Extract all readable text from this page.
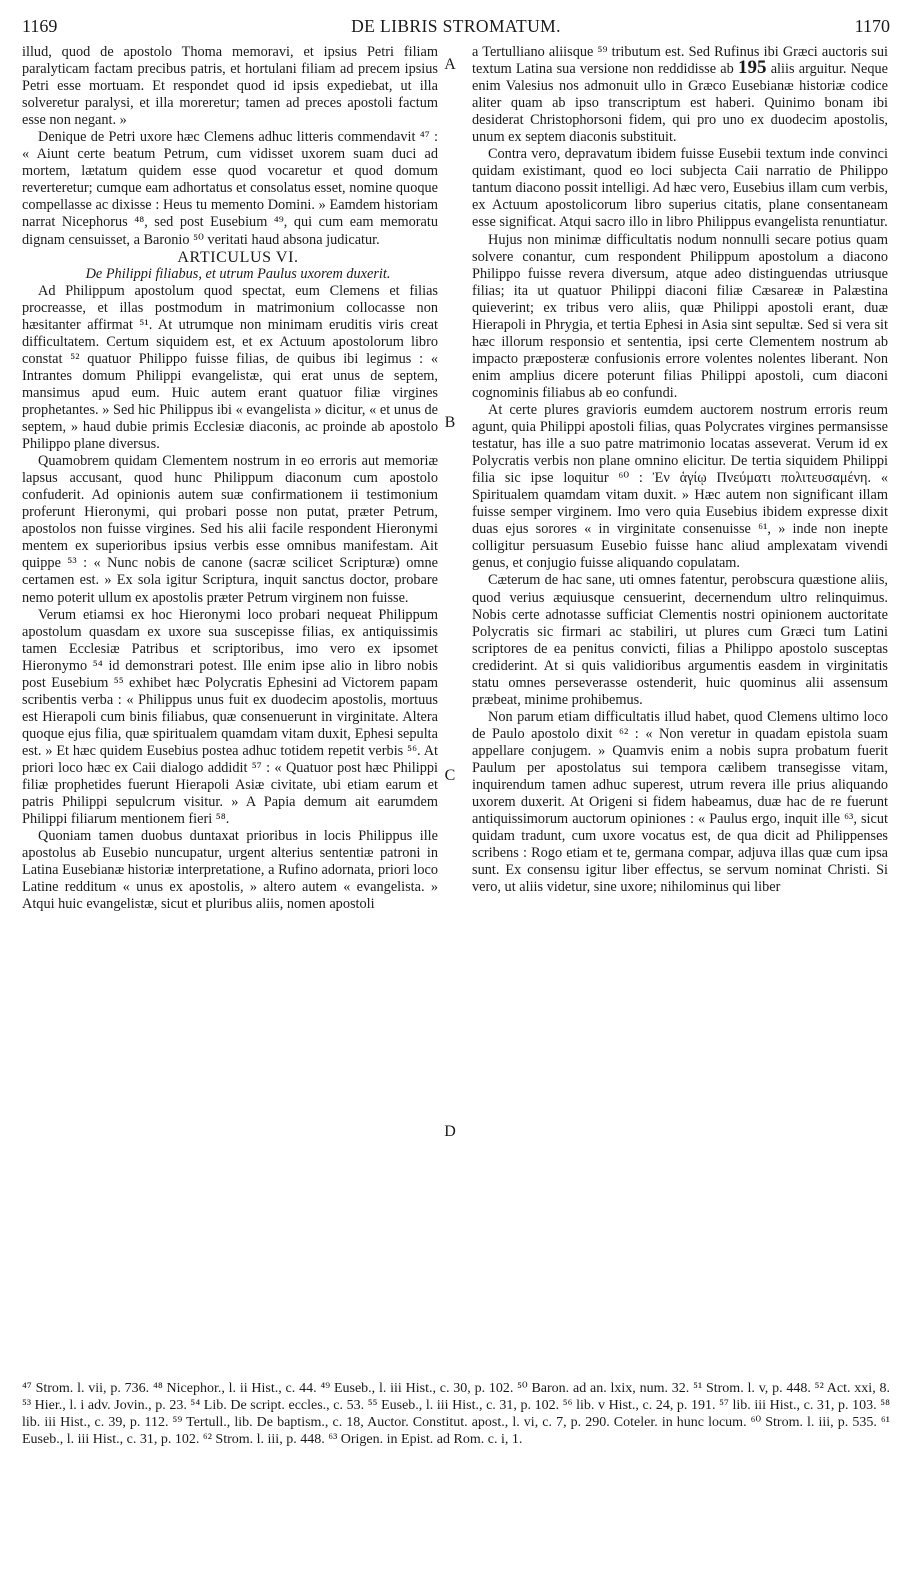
1169	DE LIBRIS STROMATUM.	1170

illud, quod de apostolo Thoma memoravi, et ipsius Petri filiam paralyticam factam precibus patris, et hortulani filiam ad precem ipsius Petri esse mortuam. Et respondet quod id ipsis expediebat, ut illa solveretur paralysi, et illa moreretur; tamen ad preces apostoli factum esse non negant. »

Denique de Petri uxore hæc Clemens adhuc litteris commendavit ⁴⁷ : « Aiunt certe beatum Petrum, cum vidisset uxorem suam duci ad mortem, lætatum quidem esse quod vocaretur et quod domum reverteretur; cumque eam adhortatus et consolatus esset, nomine quoque compellasse ac dixisse : Heus tu memento Domini. » Eamdem historiam narrat Nicephorus ⁴⁸, sed post Eusebium ⁴⁹, qui cum eam memoratu dignam censuisset, a Baronio ⁵⁰ veritati haud absona judicatur.

ARTICULUS VI.

De Philippi filiabus, et utrum Paulus uxorem duxerit.

Ad Philippum apostolum quod spectat, eum Clemens et filias procreasse, et illas postmodum in matrimonium collocasse non hæsitanter affirmat ⁵¹. At utrumque non minimam eruditis viris creat difficultatem. Certum siquidem est, et ex Actuum apostolorum libro constat ⁵² quatuor Philippo fuisse filias, de quibus ibi legimus : « Intrantes domum Philippi evangelistæ, qui erat unus de septem, mansimus apud eum. Huic autem erant quatuor filiæ virgines prophetantes. » Sed hic Philippus ibi « evangelista » dicitur, « et unus de septem, » haud dubie primis Ecclesiæ diaconis, ac proinde ab apostolo Philippo plane diversus.

Quamobrem quidam Clementem nostrum in eo erroris aut memoriæ lapsus accusant, quod hunc Philippum diaconum cum apostolo confuderit. Ad opinionis autem suæ confirmationem ii testimonium proferunt Hieronymi, qui probari posse non putat, præter Petrum, apostolos non fuisse virgines. Sed his alii facile respondent Hieronymi mentem ex superioribus ipsius verbis esse omnibus manifestam. Ait quippe ⁵³ : « Nunc nobis de canone (sacræ scilicet Scripturæ) omne certamen est. » Ex sola igitur Scriptura, inquit sanctus doctor, probare nemo poterit ullum ex apostolis præter Petrum virginem non fuisse.

Verum etiamsi ex hoc Hieronymi loco probari nequeat Philippum apostolum quasdam ex uxore sua suscepisse filias, ex antiquissimis tamen Ecclesiæ Patribus et scriptoribus, imo vero ex ipsomet Hieronymo ⁵⁴ id demonstrari potest. Ille enim ipse alio in libro nobis post Eusebium ⁵⁵ exhibet hæc Polycratis Ephesini ad Victorem papam scribentis verba : « Philippus unus fuit ex duodecim apostolis, mortuus est Hierapoli cum binis filiabus, quæ consenuerunt in virginitate. Altera quoque ejus filia, quæ spiritualem quamdam vitam duxit, Ephesi sepulta est. » Et hæc quidem Eusebius postea adhuc totidem repetit verbis ⁵⁶. At priori loco hæc ex Caii dialogo addidit ⁵⁷ : « Quatuor post hæc Philippi filiæ prophetides fuerunt Hierapoli Asiæ civitate, ubi etiam earum et patris Philippi sepulcrum visitur. » A Papia demum ait earumdem Philippi filiarum mentionem fieri ⁵⁸.

Quoniam tamen duobus duntaxat prioribus in locis Philippus ille apostolus ab Eusebio nuncupatur, urgent alterius sententiæ patroni in Latina Eusebianæ historiæ interpretatione, a Rufino adornata, priori loco Latine redditum « unus ex apostolis, » altero autem « evangelista. » Atqui huic evangelistæ, sicut et pluribus aliis, nomen apostoli

A
B
C
D

a Tertulliano aliisque ⁵⁹ tributum est. Sed Rufinus ibi Græci auctoris sui textum Latina sua versione non reddidisse ab 195 aliis arguitur. Neque enim Valesius nos admonuit ullo in Græco Eusebianæ historiæ codice aliter quam ab ipso transcriptum est haberi. Quinimo bonam ibi desiderat Christophorsoni fidem, qui pro uno ex duodecim apostolis, unum ex septem diaconis substituit.

Contra vero, depravatum ibidem fuisse Eusebii textum inde convinci quidam existimant, quod eo loci subjecta Caii narratio de Philippo tantum diacono possit intelligi. Ad hæc vero, Eusebius illam cum verbis, ex Actuum apostolicorum libro superius citatis, plane consentaneam esse significat. Atqui sacro illo in libro Philippus evangelista renuntiatur.

Hujus non minimæ difficultatis nodum nonnulli secare potius quam solvere conantur, cum respondent Philippum apostolum a diacono Philippo fuisse revera diversum, atque adeo distinguendas utriusque filias; ita ut quatuor Philippi diaconi filiæ Cæsareæ in Palæstina quieverint; ex tribus vero aliis, quæ Philippi apostoli erant, duæ Hierapoli in Phrygia, et tertia Ephesi in Asia sint sepultæ. Sed si vera sit hæc illorum responsio et sententia, ipsi certe Clementem nostrum ab impacto præposteræ confusionis errore volentes nolentes liberant. Non enim amplius dicere poterunt filias Philippi apostoli, cum diaconi cognominis filiabus ab eo confundi.

At certe plures gravioris eumdem auctorem nostrum erroris reum agunt, quia Philippi apostoli filias, quas Polycrates virgines permansisse testatur, has ille a suo patre matrimonio locatas asseverat. Verum id ex Polycratis verbis non plane omnino elicitur. De tertia siquidem Philippi filia sic ipse loquitur ⁶⁰ : Ἐν ἁγίῳ Πνεύματι πολιτευσαμένη. « Spiritualem quamdam vitam duxit. » Hæc autem non significant illam fuisse semper virginem. Imo vero quia Eusebius ibidem expresse dixit duas ejus sorores « in virginitate consenuisse ⁶¹, » inde non inepte colligitur persuasum Eusebio fuisse hanc aliud amplexatam vivendi genus, et conjugio fuisse aliquando copulatam.

Cæterum de hac sane, uti omnes fatentur, perobscura quæstione aliis, quod verius æquiusque censuerint, decernendum ultro relinquimus. Nobis certe adnotasse sufficiat Clementis nostri opinionem auctoritate Polycratis sic firmari ac stabiliri, ut plures cum Græci tum Latini scriptores de ea penitus convicti, filias a Philippo apostolo susceptas crediderint. At si quis validioribus argumentis easdem in virginitatis statu omnes perseverasse ostenderit, huic quominus alii assensum præbeat, minime prohibemus.

Non parum etiam difficultatis illud habet, quod Clemens ultimo loco de Paulo apostolo dixit ⁶² : « Non veretur in quadam epistola suam appellare conjugem. » Quamvis enim a nobis supra probatum fuerit Paulum per apostolatus sui tempora cælibem transegisse vitam, inquirendum tamen adhuc superest, utrum revera ille prius aliquando uxorem duxerit. At Origeni si fidem habeamus, duæ hac de re fuerunt antiquissimorum auctorum opiniones : « Paulus ergo, inquit ille ⁶³, sicut quidam tradunt, cum uxore vocatus est, de qua dicit ad Philippenses scribens : Rogo etiam et te, germana compar, adjuva illas quæ cum ipsa sunt. Ex consensu igitur liber effectus, se servum nominat Christi. Si vero, ut aliis videtur, sine uxore; nihilominus qui liber

⁴⁷ Strom. l. vii, p. 736. ⁴⁸ Nicephor., l. ii Hist., c. 44. ⁴⁹ Euseb., l. iii Hist., c. 30, p. 102. ⁵⁰ Baron. ad an. lxix, num. 32. ⁵¹ Strom. l. v, p. 448. ⁵² Act. xxi, 8. ⁵³ Hier., l. i adv. Jovin., p. 23. ⁵⁴ Lib. De script. eccles., c. 53. ⁵⁵ Euseb., l. iii Hist., c. 31, p. 102. ⁵⁶ lib. v Hist., c. 24, p. 191. ⁵⁷ lib. iii Hist., c. 31, p. 103. ⁵⁸ lib. iii Hist., c. 39, p. 112. ⁵⁹ Tertull., lib. De baptism., c. 18, Auctor. Constitut. apost., l. vi, c. 7, p. 290. Coteler. in hunc locum. ⁶⁰ Strom. l. iii, p. 535. ⁶¹ Euseb., l. iii Hist., c. 31, p. 102. ⁶² Strom. l. iii, p. 448. ⁶³ Origen. in Epist. ad Rom. c. i, 1.
